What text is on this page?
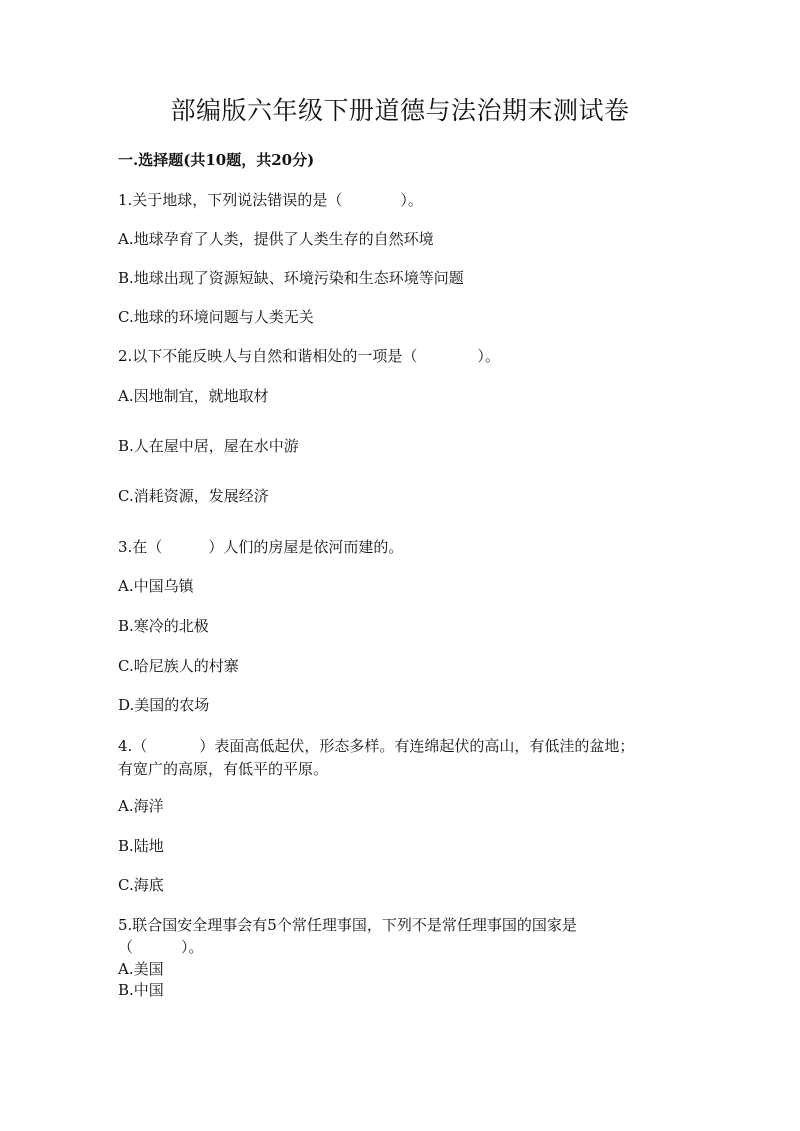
部编版六年级下册道德与法治期末测试卷
一.选择题(共10题，共20分)
1.关于地球，下列说法错误的是（	）。
A.地球孕育了人类，提供了人类生存的自然环境
B.地球出现了资源短缺、环境污染和生态环境等问题
C.地球的环境问题与人类无关
2.以下不能反映人与自然和谐相处的一项是（	）。
A.因地制宜，就地取材
B.人在屋中居，屋在水中游
C.消耗资源，发展经济
3.在（	）人们的房屋是依河而建的。
A.中国乌镇
B.寒冷的北极
C.哈尼族人的村寨
D.美国的农场
4.（	）表面高低起伏，形态多样。有连绵起伏的高山，有低洼的盆地；
有宽广的高原，有低平的平原。
A.海洋
B.陆地
C.海底
5.联合国安全理事会有5个常任理事国，下列不是常任理事国的国家是
（	）。
A.美国
B.中国
